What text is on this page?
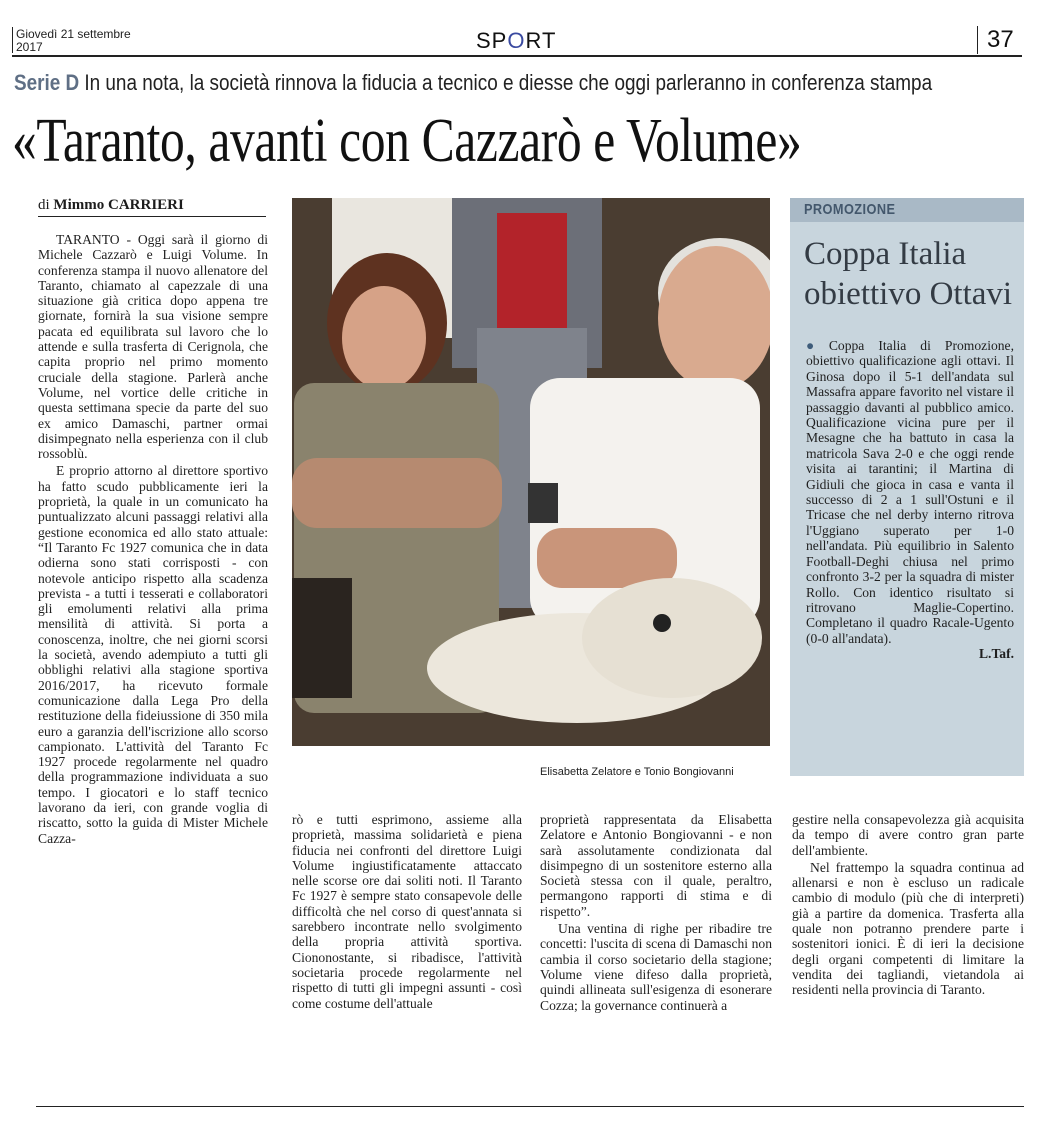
Giovedì 21 settembre
2017	SPORT	37
Serie D In una nota, la società rinnova la fiducia a tecnico e diesse che oggi parleranno in conferenza stampa
«Taranto, avanti con Cazzarò e Volume»
di Mimmo CARRIERI

TARANTO - Oggi sarà il giorno di Michele Cazzarò e Luigi Volume. In conferenza stampa il nuovo allenatore del Taranto, chiamato al capezzale di una situazione già critica dopo appena tre giornate, fornirà la sua visione sempre pacata ed equilibrata sul lavoro che lo attende e sulla trasferta di Cerignola, che capita proprio nel primo momento cruciale della stagione. Parlerà anche Volume, nel vortice delle critiche in questa settimana specie da parte del suo ex amico Damaschi, partner ormai disimpegnato nella esperienza con il club rossoblù.

E proprio attorno al direttore sportivo ha fatto scudo pubblicamente ieri la proprietà, la quale in un comunicato ha puntualizzato alcuni passaggi relativi alla gestione economica ed allo stato attuale: “Il Taranto Fc 1927 comunica che in data odierna sono stati corrisposti - con notevole anticipo rispetto alla scadenza prevista - a tutti i tesserati e collaboratori gli emolumenti relativi alla prima mensilità di attività. Si porta a conoscenza, inoltre, che nei giorni scorsi la società, avendo adempiuto a tutti gli obblighi relativi alla stagione sportiva 2016/2017, ha ricevuto formale comunicazione dalla Lega Pro della restituzione della fideiussione di 350 mila euro a garanzia dell'iscrizione allo scorso campionato. L'attività del Taranto Fc 1927 procede regolarmente nel quadro della programmazione individuata a suo tempo. I giocatori e lo staff tecnico lavorano da ieri, con grande voglia di riscatto, sotto la guida di Mister Michele Cazza-

Elisabetta Zelatore e Tonio Bongiovanni
PROMOZIONE
Coppa Italia
obiettivo Ottavi
● Coppa Italia di Promozione, obiettivo qualificazione agli ottavi. Il Ginosa dopo il 5-1 dell'andata sul Massafra appare favorito nel vistare il passaggio davanti al pubblico amico. Qualificazione vicina pure per il Mesagne che ha battuto in casa la matricola Sava 2-0 e che oggi rende visita ai tarantini; il Martina di Gidiuli che gioca in casa e vanta il successo di 2 a 1 sull'Ostuni e il Tricase che nel derby interno ritrova l'Uggiano superato per 1-0 nell'andata. Più equilibrio in Salento Football-Deghi chiusa nel primo confronto 3-2 per la squadra di mister Rollo. Con identico risultato si ritrovano Maglie-Copertino. Completano il quadro Racale-Ugento (0-0 all'andata).
L.Taf.

rò e tutti esprimono, assieme alla proprietà, massima solidarietà e piena fiducia nei confronti del direttore Luigi Volume ingiustificatamente attaccato nelle scorse ore dai soliti noti. Il Taranto Fc 1927 è sempre stato consapevole delle difficoltà che nel corso di quest'annata si sarebbero incontrate nello svolgimento della propria attività sportiva. Ciononostante, si ribadisce, l'attività societaria procede regolarmente nel rispetto di tutti gli impegni assunti - così come costume dell'attuale

proprietà rappresentata da Elisabetta Zelatore e Antonio Bongiovanni - e non sarà assolutamente condizionata dal disimpegno di un sostenitore esterno alla Società stessa con il quale, peraltro, permangono rapporti di stima e di rispetto”.

Una ventina di righe per ribadire tre concetti: l'uscita di scena di Damaschi non cambia il corso societario della stagione; Volume viene difeso dalla proprietà, quindi allineata sull'esigenza di esonerare Cozza; la governance continuerà a

gestire nella consapevolezza già acquisita da tempo di avere contro gran parte dell'ambiente.

Nel frattempo la squadra continua ad allenarsi e non è escluso un radicale cambio di modulo (più che di interpreti) già a partire da domenica. Trasferta alla quale non potranno prendere parte i sostenitori ionici. È di ieri la decisione degli organi competenti di limitare la vendita dei tagliandi, vietandola ai residenti nella provincia di Taranto.
